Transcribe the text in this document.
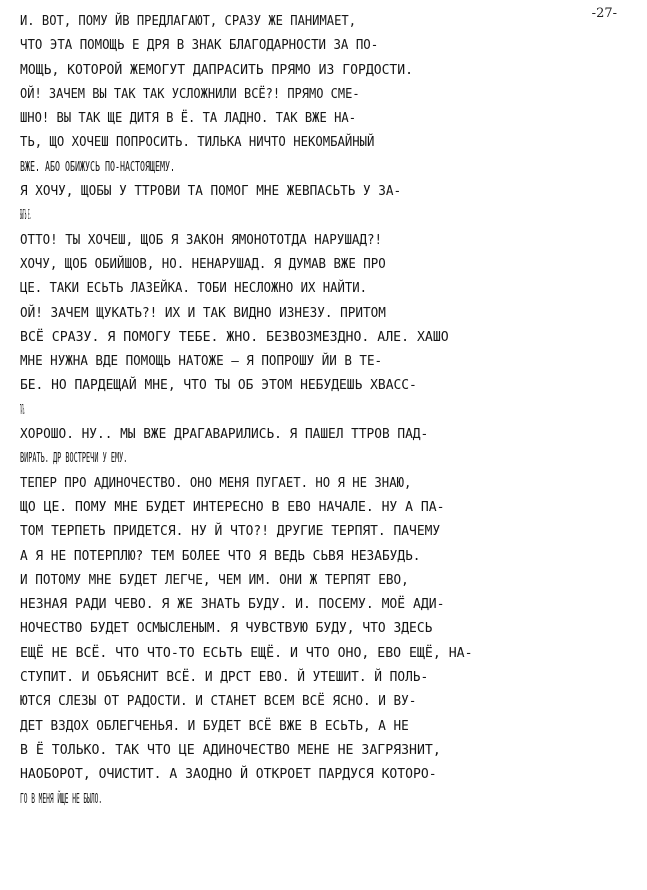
-27-
И. ВОТ, ПОМУ ЙВ ПРЕДЛАГАЮТ, СРАЗУ ЖЕ ПАНИМАЕТ,
ЧТО ЭТА ПОМОЩЬ Е ДРЯ В ЗНАК БЛАГОДАРНОСТИ ЗА ПО-
МОЩЬ, КОТОРОЙ ЖЕМОГУТ ДАПРАСИТЬ ПРЯМО ИЗ ГОРДОСТИ.
ОЙ! ЗАЧЕМ ВЫ ТАК ТАК УСЛОЖНИЛИ ВСЁ?! ПРЯМО СМЕ-
ШНО! ВЫ ТАК ЩЕ ДИТЯ В Ё. ТА ЛАДНО. ТАК ВЖЕ НА-
ТЬ, ЩО ХОЧЕШ ПОПРОСИТЬ. ТИЛЬКА НИЧТО НЕКОМБАЙНЫЙ
ВЖЕ. АБО ОБИЖУСЬ ПО-НАСТОЯЩЕМУ.
Я ХОЧУ, ЩОБЫ У ТТРОВИ ТА ПОМОГ МНЕ ЖЕВПАСЬТЬ У ЗА-
БЫТЬ Е.
ОТТО! ТЫ ХОЧЕШ, ЩОБ Я ЗАКОН ЯМОНОТОТДА НАРУШАД?!
ХОЧУ, ЩОБ ОБИЙШОВ, НО. НЕНАРУШАД. Я ДУМАВ ВЖЕ ПРО
ЦЕ. ТАКИ ЕСЬТЬ ЛАЗЕЙКА. ТОБИ НЕСЛОЖНО ИХ НАЙТИ.
ОЙ! ЗАЧЕМ ЩУКАТЬ?! ИХ И ТАК ВИДНО ИЗНЕЗУ. ПРИТОМ
ВСЁ СРАЗУ. Я ПОМОГУ ТЕБЕ. ЖНО. БЕЗВОЗМЕЗДНО. АЛЕ. ХАШО
МНЕ НУЖНА ВДЕ ПОМОЩЬ НАТОЖЕ — Я ПОПРОШУ ЙИ В ТЕ-
БЕ. НО ПАРДЕЩАЙ МНЕ, ЧТО ТЫ ОБ ЭТОМ НЕБУДЕШЬ ХВАСС-
ТАТЬ.
ХОРОШО. НУ.. МЫ ВЖЕ ДРАГАВАРИЛИСЬ. Я ПАШЕЛ ТТРОВ ПАД-
ВИРАТЬ. ДР ВОСТРЕЧИ У ЕМУ.
ТЕПЕР ПРО АДИНОЧЕСТВО. ОНО МЕНЯ ПУГАЕТ. НО Я НЕ ЗНАЮ,
ЩО ЦЕ. ПОМУ МНЕ БУДЕТ ИНТЕРЕСНО В ЕВО НАЧАЛЕ. НУ А ПА-
ТОМ ТЕРПЕТЬ ПРИДЕТСЯ. НУ Й ЧТО?! ДРУГИЕ ТЕРПЯТ. ПАЧЕМУ
А Я НЕ ПОТЕРПЛЮ? ТЕМ БОЛЕЕ ЧТО Я ВЕДЬ СЬВЯ НЕЗАБУДЬ.
И ПОТОМУ МНЕ БУДЕТ ЛЕГЧЕ, ЧЕМ ИМ. ОНИ Ж ТЕРПЯТ ЕВО,
НЕЗНАЯ РАДИ ЧЕВО. Я ЖЕ ЗНАТЬ БУДУ. И. ПОСЕМУ. МОЁ АДИ-
НОЧЕСТВО БУДЕТ ОСМЫСЛЕНЫМ. Я ЧУВСТВУЮ БУДУ, ЧТО ЗДЕСЬ
ЕЩЁ НЕ ВСЁ. ЧТО ЧТО-ТО ЕСЬТЬ ЕЩЁ. И ЧТО ОНО, ЕВО ЕЩЁ, НА-
СТУПИТ. И ОБЪЯСНИТ ВСЁ. И ДРСТ ЕВО. Й УТЕШИТ. Й ПОЛЬ-
ЮТСЯ СЛЕЗЫ ОТ РАДОСТИ. И СТАНЕТ ВСЕМ ВСЁ ЯСНО. И ВУ-
ДЕТ ВЗДОХ ОБЛЕГЧЕНЬЯ. И БУДЕТ ВСЁ ВЖЕ В ЕСЬТЬ, А НЕ
В Ё ТОЛЬКО. ТАК ЧТО ЦЕ АДИНОЧЕСТВО МЕНЕ НЕ ЗАГРЯЗНИТ,
НАОБОРОТ, ОЧИСТИТ. А ЗАОДНО Й ОТКРОЕТ ПАРДУСЯ КОТОРО-
ГО В МЕНЯ ЙЩЕ НЕ БЫЛО.
